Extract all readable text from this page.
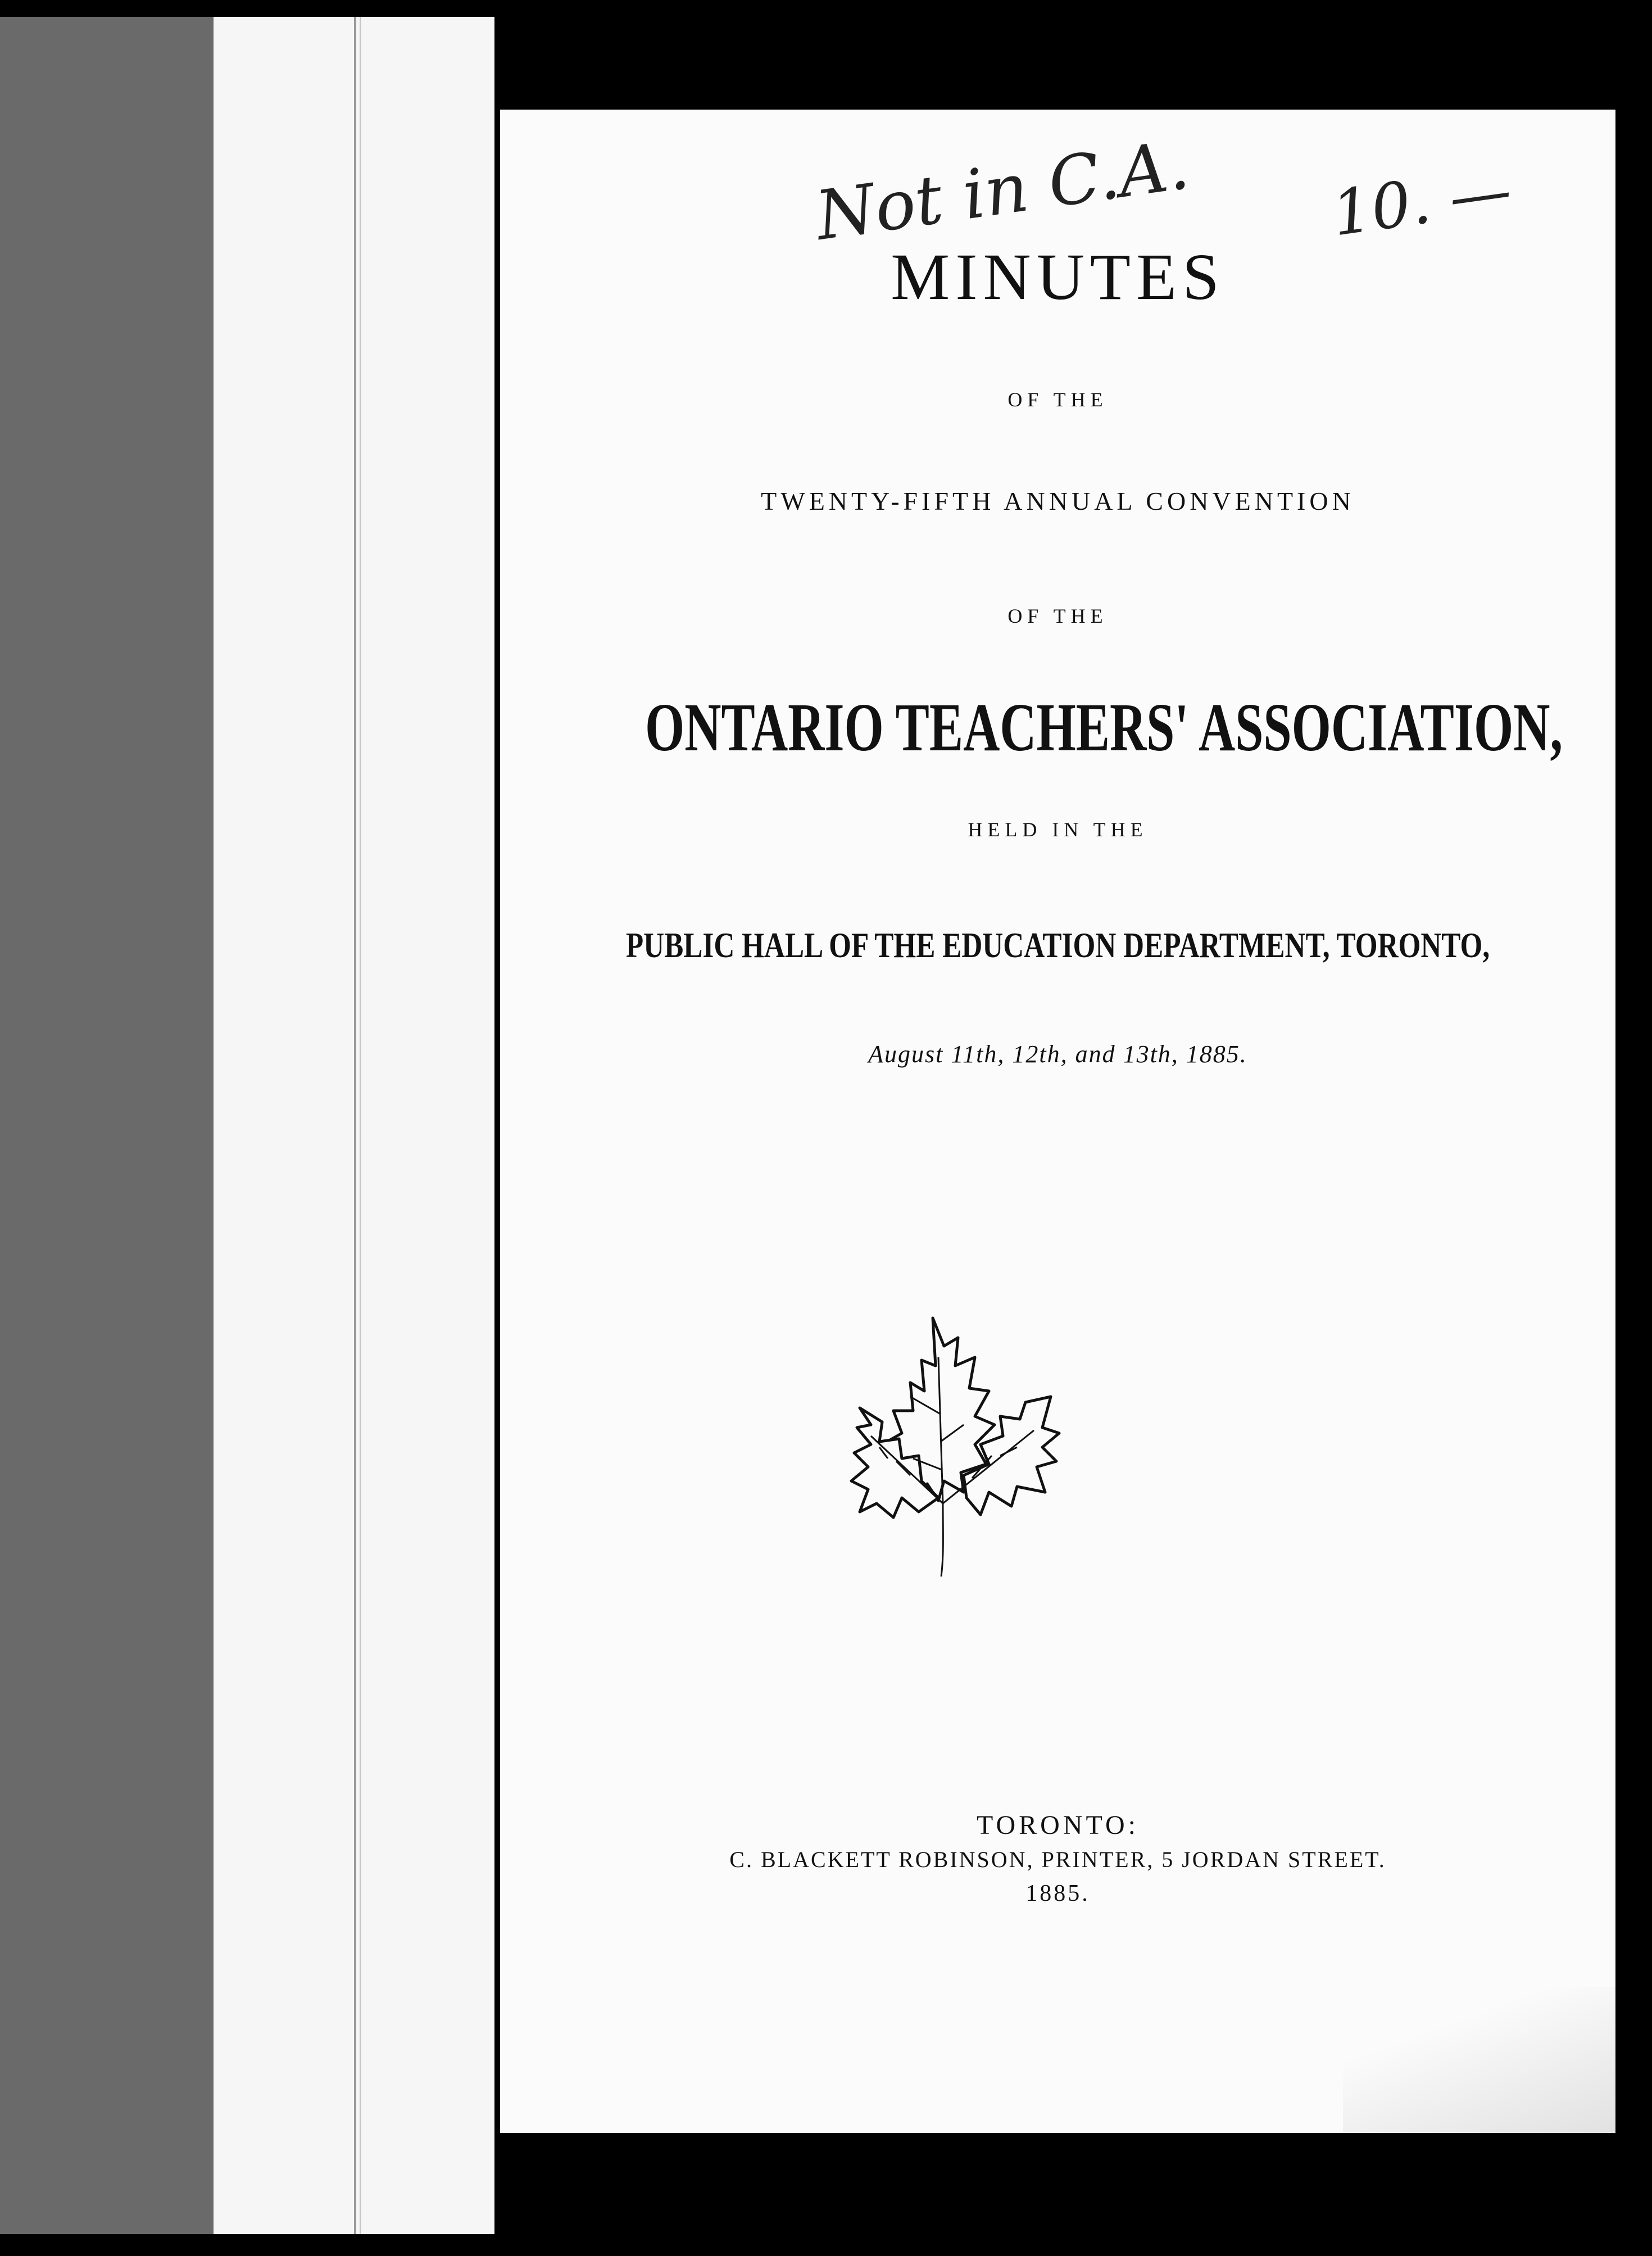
Not in C.A. 10. —
MINUTES
OF THE
TWENTY-FIFTH ANNUAL CONVENTION
OF THE
ONTARIO TEACHERS' ASSOCIATION,
HELD IN THE
PUBLIC HALL OF THE EDUCATION DEPARTMENT, TORONTO,
August 11th, 12th, and 13th, 1885.
TORONTO:
C. BLACKETT ROBINSON, PRINTER, 5 JORDAN STREET.
1885.
